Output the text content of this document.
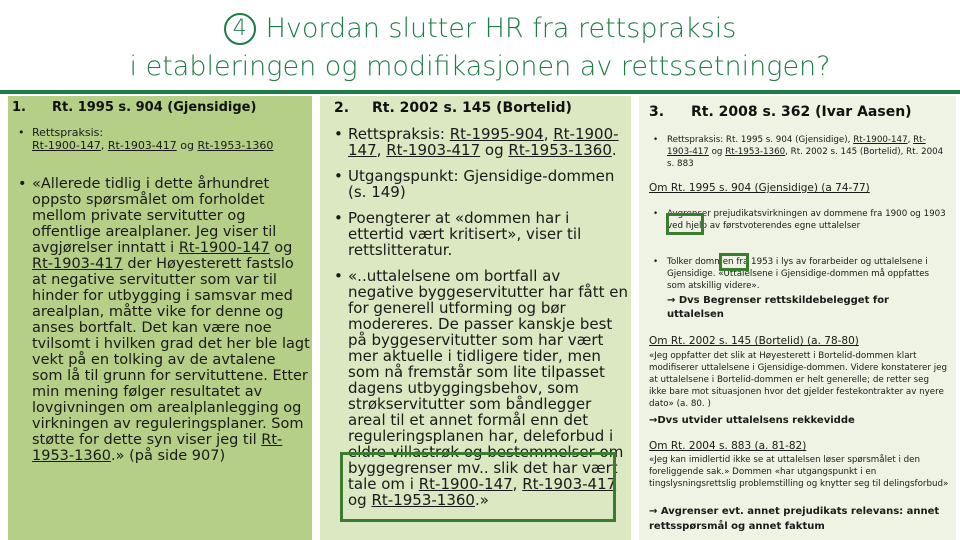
4 Hvordan slutter HR fra rettspraksis
i etableringen og modifikasjonen av rettssetningen?
1. Rt. 1995 s. 904 (Gjensidige)
• Rettspraksis:
Rt-1900-147, Rt-1903-417 og Rt-1953-1360
• «Allerede tidlig i dette århundret oppsto spørsmålet om forholdet mellom private servitutter og offentlige arealplaner. Jeg viser til avgjørelser inntatt i Rt-1900-147 og Rt-1903-417 der Høyesterett fastslo at negative servitutter som var til hinder for utbygging i samsvar med arealplan, måtte vike for denne og anses bortfalt. Det kan være noe tvilsomt i hvilken grad det her ble lagt vekt på en tolking av de avtalene som lå til grunn for servituttene. Etter min mening følger resultatet av lovgivningen om arealplanlegging og virkningen av reguleringsplaner. Som støtte for dette syn viser jeg til Rt-1953-1360.» (på side 907)
2. Rt. 2002 s. 145 (Bortelid)
• Rettspraksis: Rt-1995-904, Rt-1900-147, Rt-1903-417 og Rt-1953-1360.
• Utgangspunkt: Gjensidige-dommen (s. 149)
• Poengterer at «dommen har i ettertid vært kritisert», viser til rettslitteratur.
• «..uttalelsene om bortfall av negative byggeservitutter har fått en for generell utforming og bør modereres. De passer kanskje best på byggeservitutter som har vært mer aktuelle i tidligere tider, men som nå fremstår som lite tilpasset dagens utbyggingsbehov, som strøkservitutter som båndlegger areal til et annet formål enn det reguleringsplanen har, deleforbud i eldre villastrøk og bestemmelser om byggegrenser mv.. slik det har vært tale om i Rt-1900-147, Rt-1903-417 og Rt-1953-1360.»
3. Rt. 2008 s. 362 (Ivar Aasen)
• Rettspraksis: Rt. 1995 s. 904 (Gjensidige), Rt-1900-147, Rt-1903-417 og Rt-1953-1360, Rt. 2002 s. 145 (Bortelid), Rt. 2004 s. 883
Om Rt. 1995 s. 904 (Gjensidige) (a 74-77)
• Avgrenser prejudikatsvirkningen av dommene fra 1900 og 1903 ved hjelp av førstvoterendes egne uttalelser
• Tolker dommen fra 1953 i lys av forarbeider og uttalelsene i Gjensidige. «Uttalelsene i Gjensidige-dommen må oppfattes som atskillig videre».
→ Dvs Begrenser rettskildebelegget for uttalelsen
Om Rt. 2002 s. 145 (Bortelid) (a. 78-80)
«Jeg oppfatter det slik at Høyesterett i Bortelid-dommen klart modifiserer uttalelsene i Gjensidige-dommen. Videre konstaterer jeg at uttalelsene i Bortelid-dommen er helt generelle; de retter seg ikke bare mot situasjonen hvor det gjelder festekontrakter av nyere dato» (a. 80. )
→Dvs utvider uttalelsens rekkevidde
Om Rt. 2004 s. 883 (a. 81-82)
«Jeg kan imidlertid ikke se at uttalelsen løser spørsmålet i den foreliggende sak.» Dommen «har utgangspunkt i en tingslysningsrettslig problemstilling og knytter seg til delingsforbud»
→ Avgrenser evt. annet prejudikats relevans: annet rettsspørsmål og annet faktum
